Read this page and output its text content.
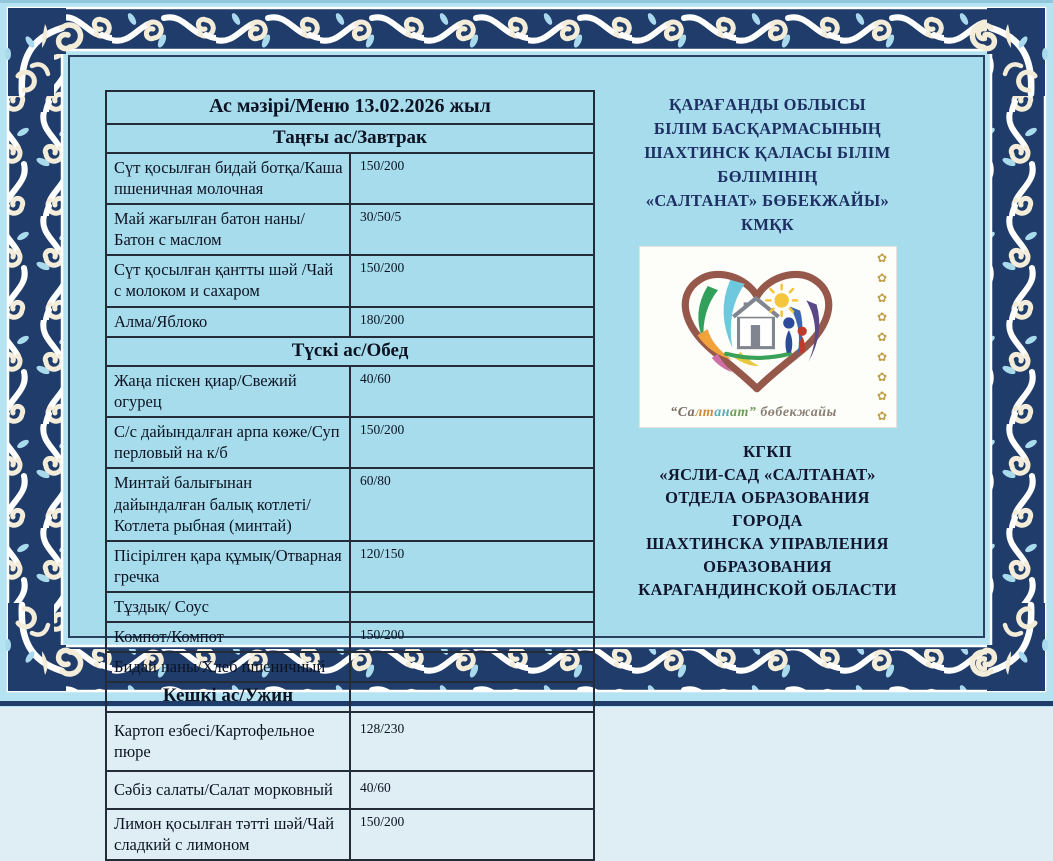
Ас мәзірі/Меню 13.02.2026 жыл	
Таңғы ас/Завтрак	
Сүт қосылған бидай ботқа/Каша пшеничная молочная	150/200
Май жағылған батон наны/Батон с маслом	30/50/5
Сүт қосылған қантты шәй /Чай с молоком и сахаром	150/200
Алма/Яблоко	180/200
Түскі ас/Обед	
Жаңа піскен қиар/Свежий огурец	40/60
С/с дайындалған арпа көже/Суп перловый на к/б	150/200
Минтай балығынан дайындалған балық котлеті/ Котлета рыбная (минтай)	60/80
Пісірілген қара құмық/Отварная гречка	120/150
Тұздық/ Соус	
Компот/Компот	150/200
Бидай наны/Хлеб пшеничный	
Кешкі ас/Ужин	
Картоп езбесі/Картофельное пюре	128/230
Сәбіз салаты/Салат морковный	40/60
Лимон қосылған тәтті шәй/Чай сладкий с лимоном	150/200
ҚАРАҒАНДЫ ОБЛЫСЫ
БІЛІМ БАСҚАРМАСЫНЫҢ
ШАХТИНСК ҚАЛАСЫ БІЛІМ
БӨЛІМІНІҢ
«САЛТАНАТ» БӨБЕКЖАЙЫ»
КМҚК
“Салтанат” бөбекжайы
✿
✿
✿
✿
✿
✿
✿
✿
✿
КГКП
«ЯСЛИ-САД «САЛТАНАТ»
ОТДЕЛА ОБРАЗОВАНИЯ
ГОРОДА
ШАХТИНСКА УПРАВЛЕНИЯ
ОБРАЗОВАНИЯ
КАРАГАНДИНСКОЙ ОБЛАСТИ
